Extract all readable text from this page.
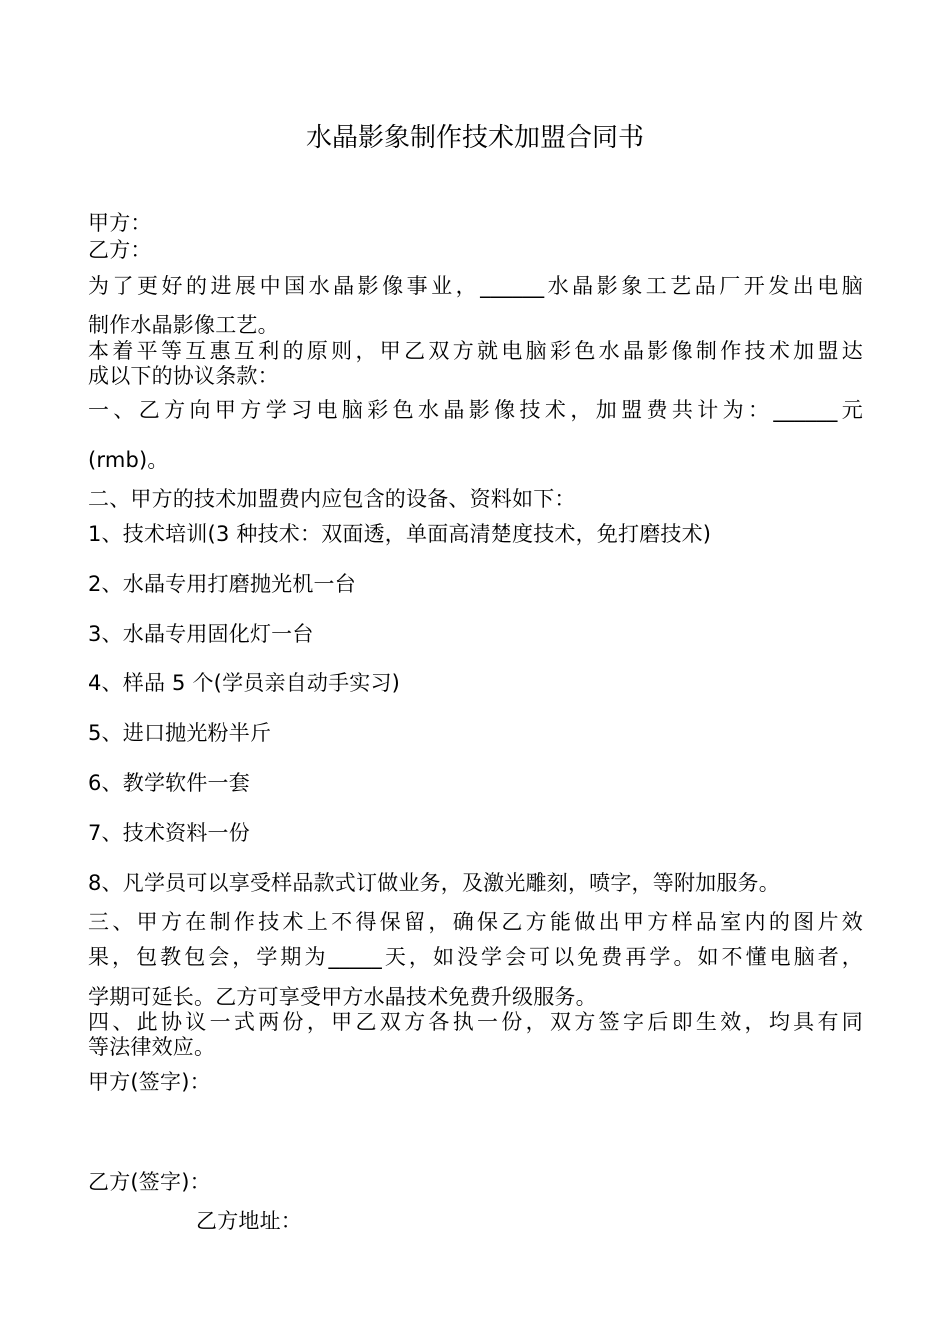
水晶影象制作技术加盟合同书
甲方：
乙方：
为了更好的进展中国水晶影像事业，______水晶影象工艺品厂开发出电脑
制作水晶影像工艺。
本着平等互惠互利的原则，甲乙双方就电脑彩色水晶影像制作技术加盟达
成以下的协议条款：
一、乙方向甲方学习电脑彩色水晶影像技术，加盟费共计为：______元
(rmb)。
二、甲方的技术加盟费内应包含的设备、资料如下：
1、技术培训(3 种技术：双面透，单面高清楚度技术，免打磨技术)
2、水晶专用打磨抛光机一台
3、水晶专用固化灯一台
4、样品 5 个(学员亲自动手实习)
5、进口抛光粉半斤
6、教学软件一套
7、技术资料一份
8、凡学员可以享受样品款式订做业务，及激光雕刻，喷字，等附加服务。
三、甲方在制作技术上不得保留，确保乙方能做出甲方样品室内的图片效
果，包教包会，学期为_____天，如没学会可以免费再学。如不懂电脑者，
学期可延长。乙方可享受甲方水晶技术免费升级服务。
四、此协议一式两份，甲乙双方各执一份，双方签字后即生效，均具有同
等法律效应。
甲方(签字)：
乙方(签字)：
乙方地址：
